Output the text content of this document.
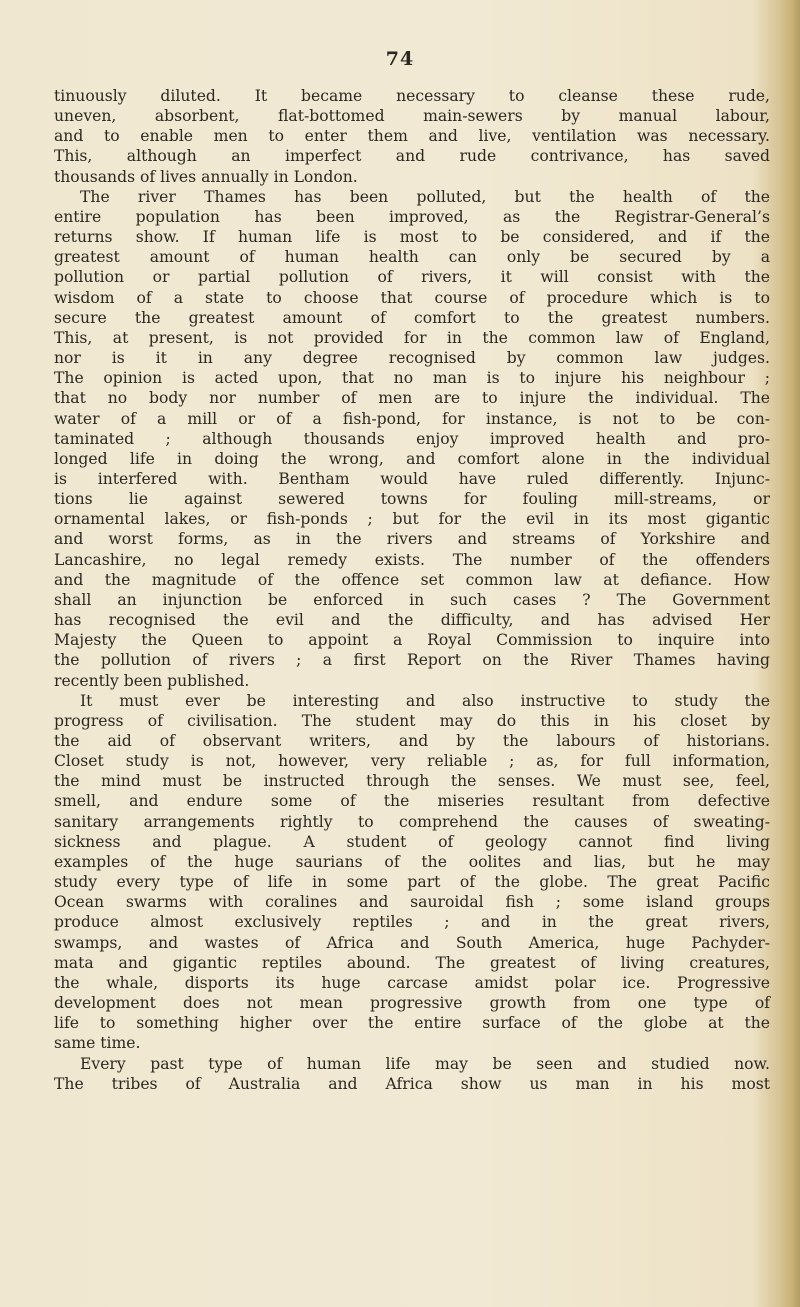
74
tinuously diluted. It became necessary to cleanse these rude,
uneven, absorbent, flat-bottomed main-sewers by manual labour,
and to enable men to enter them and live, ventilation was necessary.
This, although an imperfect and rude contrivance, has saved
thousands of lives annually in London.
The river Thames has been polluted, but the health of the
entire population has been improved, as the Registrar-General’s
returns show. If human life is most to be considered, and if the
greatest amount of human health can only be secured by a
pollution or partial pollution of rivers, it will consist with the
wisdom of a state to choose that course of procedure which is to
secure the greatest amount of comfort to the greatest numbers.
This, at present, is not provided for in the common law of England,
nor is it in any degree recognised by common law judges.
The opinion is acted upon, that no man is to injure his neighbour ;
that no body nor number of men are to injure the individual. The
water of a mill or of a fish-pond, for instance, is not to be con-
taminated ; although thousands enjoy improved health and pro-
longed life in doing the wrong, and comfort alone in the individual
is interfered with. Bentham would have ruled differently. Injunc-
tions lie against sewered towns for fouling mill-streams, or
ornamental lakes, or fish-ponds ; but for the evil in its most gigantic
and worst forms, as in the rivers and streams of Yorkshire and
Lancashire, no legal remedy exists. The number of the offenders
and the magnitude of the offence set common law at defiance. How
shall an injunction be enforced in such cases ? The Government
has recognised the evil and the difficulty, and has advised Her
Majesty the Queen to appoint a Royal Commission to inquire into
the pollution of rivers ; a first Report on the River Thames having
recently been published.
It must ever be interesting and also instructive to study the
progress of civilisation. The student may do this in his closet by
the aid of observant writers, and by the labours of historians.
Closet study is not, however, very reliable ; as, for full information,
the mind must be instructed through the senses. We must see, feel,
smell, and endure some of the miseries resultant from defective
sanitary arrangements rightly to comprehend the causes of sweating-
sickness and plague. A student of geology cannot find living
examples of the huge saurians of the oolites and lias, but he may
study every type of life in some part of the globe. The great Pacific
Ocean swarms with coralines and sauroidal fish ; some island groups
produce almost exclusively reptiles ; and in the great rivers,
swamps, and wastes of Africa and South America, huge Pachyder-
mata and gigantic reptiles abound. The greatest of living creatures,
the whale, disports its huge carcase amidst polar ice. Progressive
development does not mean progressive growth from one type of
life to something higher over the entire surface of the globe at the
same time.
Every past type of human life may be seen and studied now.
The tribes of Australia and Africa show us man in his most
